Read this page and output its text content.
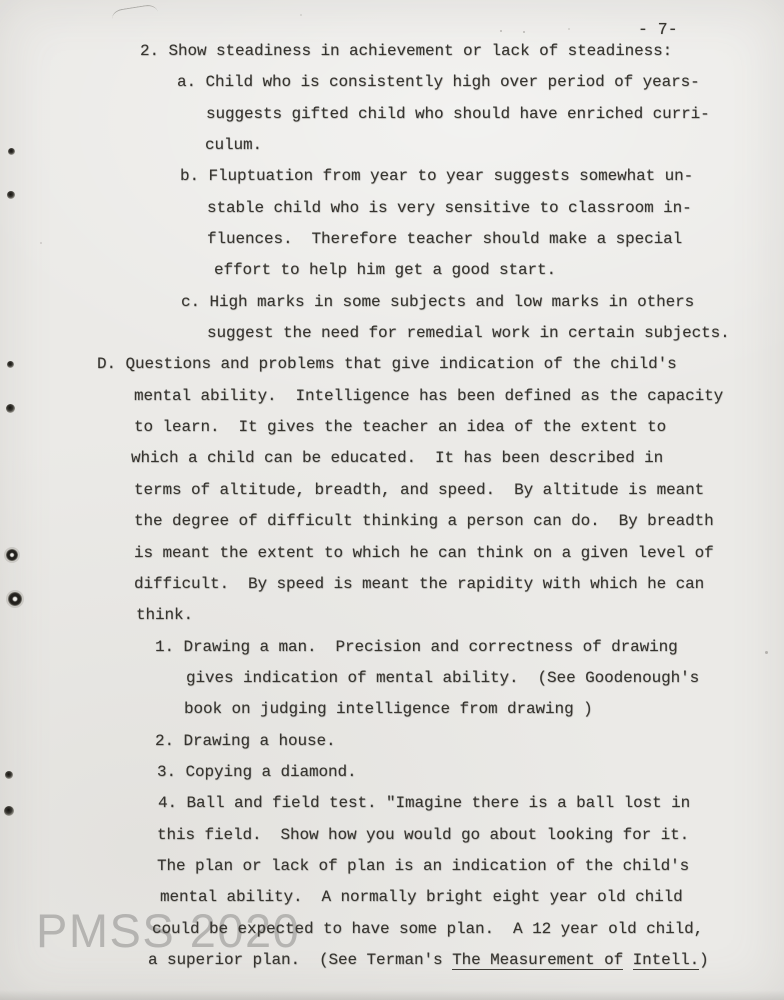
- 7-
2. Show steadiness in achievement or lack of steadiness:
a. Child who is consistently high over period of years-
suggests gifted child who should have enriched curri-
culum.
b. Fluptuation from year to year suggests somewhat un-
stable child who is very sensitive to classroom in-
fluences.  Therefore teacher should make a special
effort to help him get a good start.
c. High marks in some subjects and low marks in others
suggest the need for remedial work in certain subjects.
D. Questions and problems that give indication of the child's
mental ability.  Intelligence has been defined as the capacity
to learn.  It gives the teacher an idea of the extent to
which a child can be educated.  It has been described in
terms of altitude, breadth, and speed.  By altitude is meant
the degree of difficult thinking a person can do.  By breadth
is meant the extent to which he can think on a given level of
difficult.  By speed is meant the rapidity with which he can
think.
1. Drawing a man.  Precision and correctness of drawing
gives indication of mental ability.  (See Goodenough's
book on judging intelligence from drawing )
2. Drawing a house.
3. Copying a diamond.
4. Ball and field test. "Imagine there is a ball lost in
this field.  Show how you would go about looking for it.
The plan or lack of plan is an indication of the child's
mental ability.  A normally bright eight year old child
could be expected to have some plan.  A 12 year old child,
a superior plan.  (See Terman's The Measurement of Intell.)
PMSS 2020
